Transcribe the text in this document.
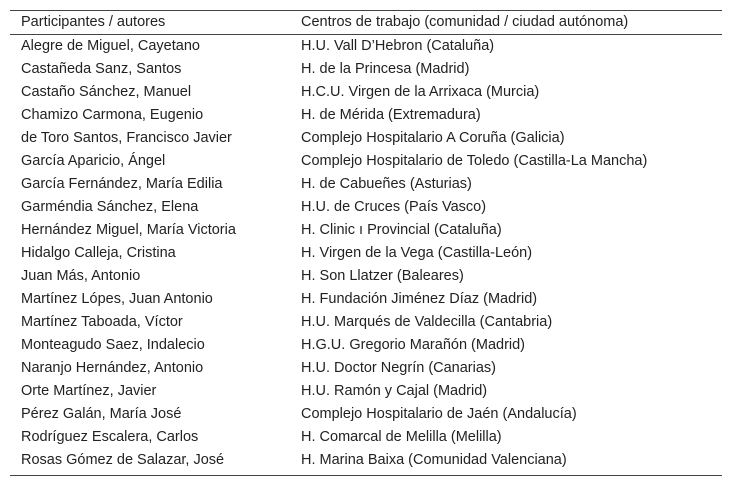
Participantes / autores	Centros de trabajo (comunidad / ciudad autónoma)
Alegre de Miguel, Cayetano	H.U. Vall D’Hebron (Cataluña)
Castañeda Sanz, Santos	H. de la Princesa (Madrid)
Castaño Sánchez, Manuel	H.C.U. Virgen de la Arrixaca (Murcia)
Chamizo Carmona, Eugenio	H. de Mérida (Extremadura)
de Toro Santos, Francisco Javier	Complejo Hospitalario A Coruña (Galicia)
García Aparicio, Ángel	Complejo Hospitalario de Toledo (Castilla-La Mancha)
García Fernández, María Edilia	H. de Cabueñes (Asturias)
Garméndia Sánchez, Elena	H.U. de Cruces (País Vasco)
Hernández Miguel, María Victoria	H. Clinic ı Provincial (Cataluña)
Hidalgo Calleja, Cristina	H. Virgen de la Vega (Castilla-León)
Juan Más, Antonio	H. Son Llatzer (Baleares)
Martínez Lópes, Juan Antonio	H. Fundación Jiménez Díaz (Madrid)
Martínez Taboada, Víctor	H.U. Marqués de Valdecilla (Cantabria)
Monteagudo Saez, Indalecio	H.G.U. Gregorio Marañón (Madrid)
Naranjo Hernández, Antonio	H.U. Doctor Negrín (Canarias)
Orte Martínez, Javier	H.U. Ramón y Cajal (Madrid)
Pérez Galán, María José	Complejo Hospitalario de Jaén (Andalucía)
Rodríguez Escalera, Carlos	H. Comarcal de Melilla (Melilla)
Rosas Gómez de Salazar, José	H. Marina Baixa (Comunidad Valenciana)
